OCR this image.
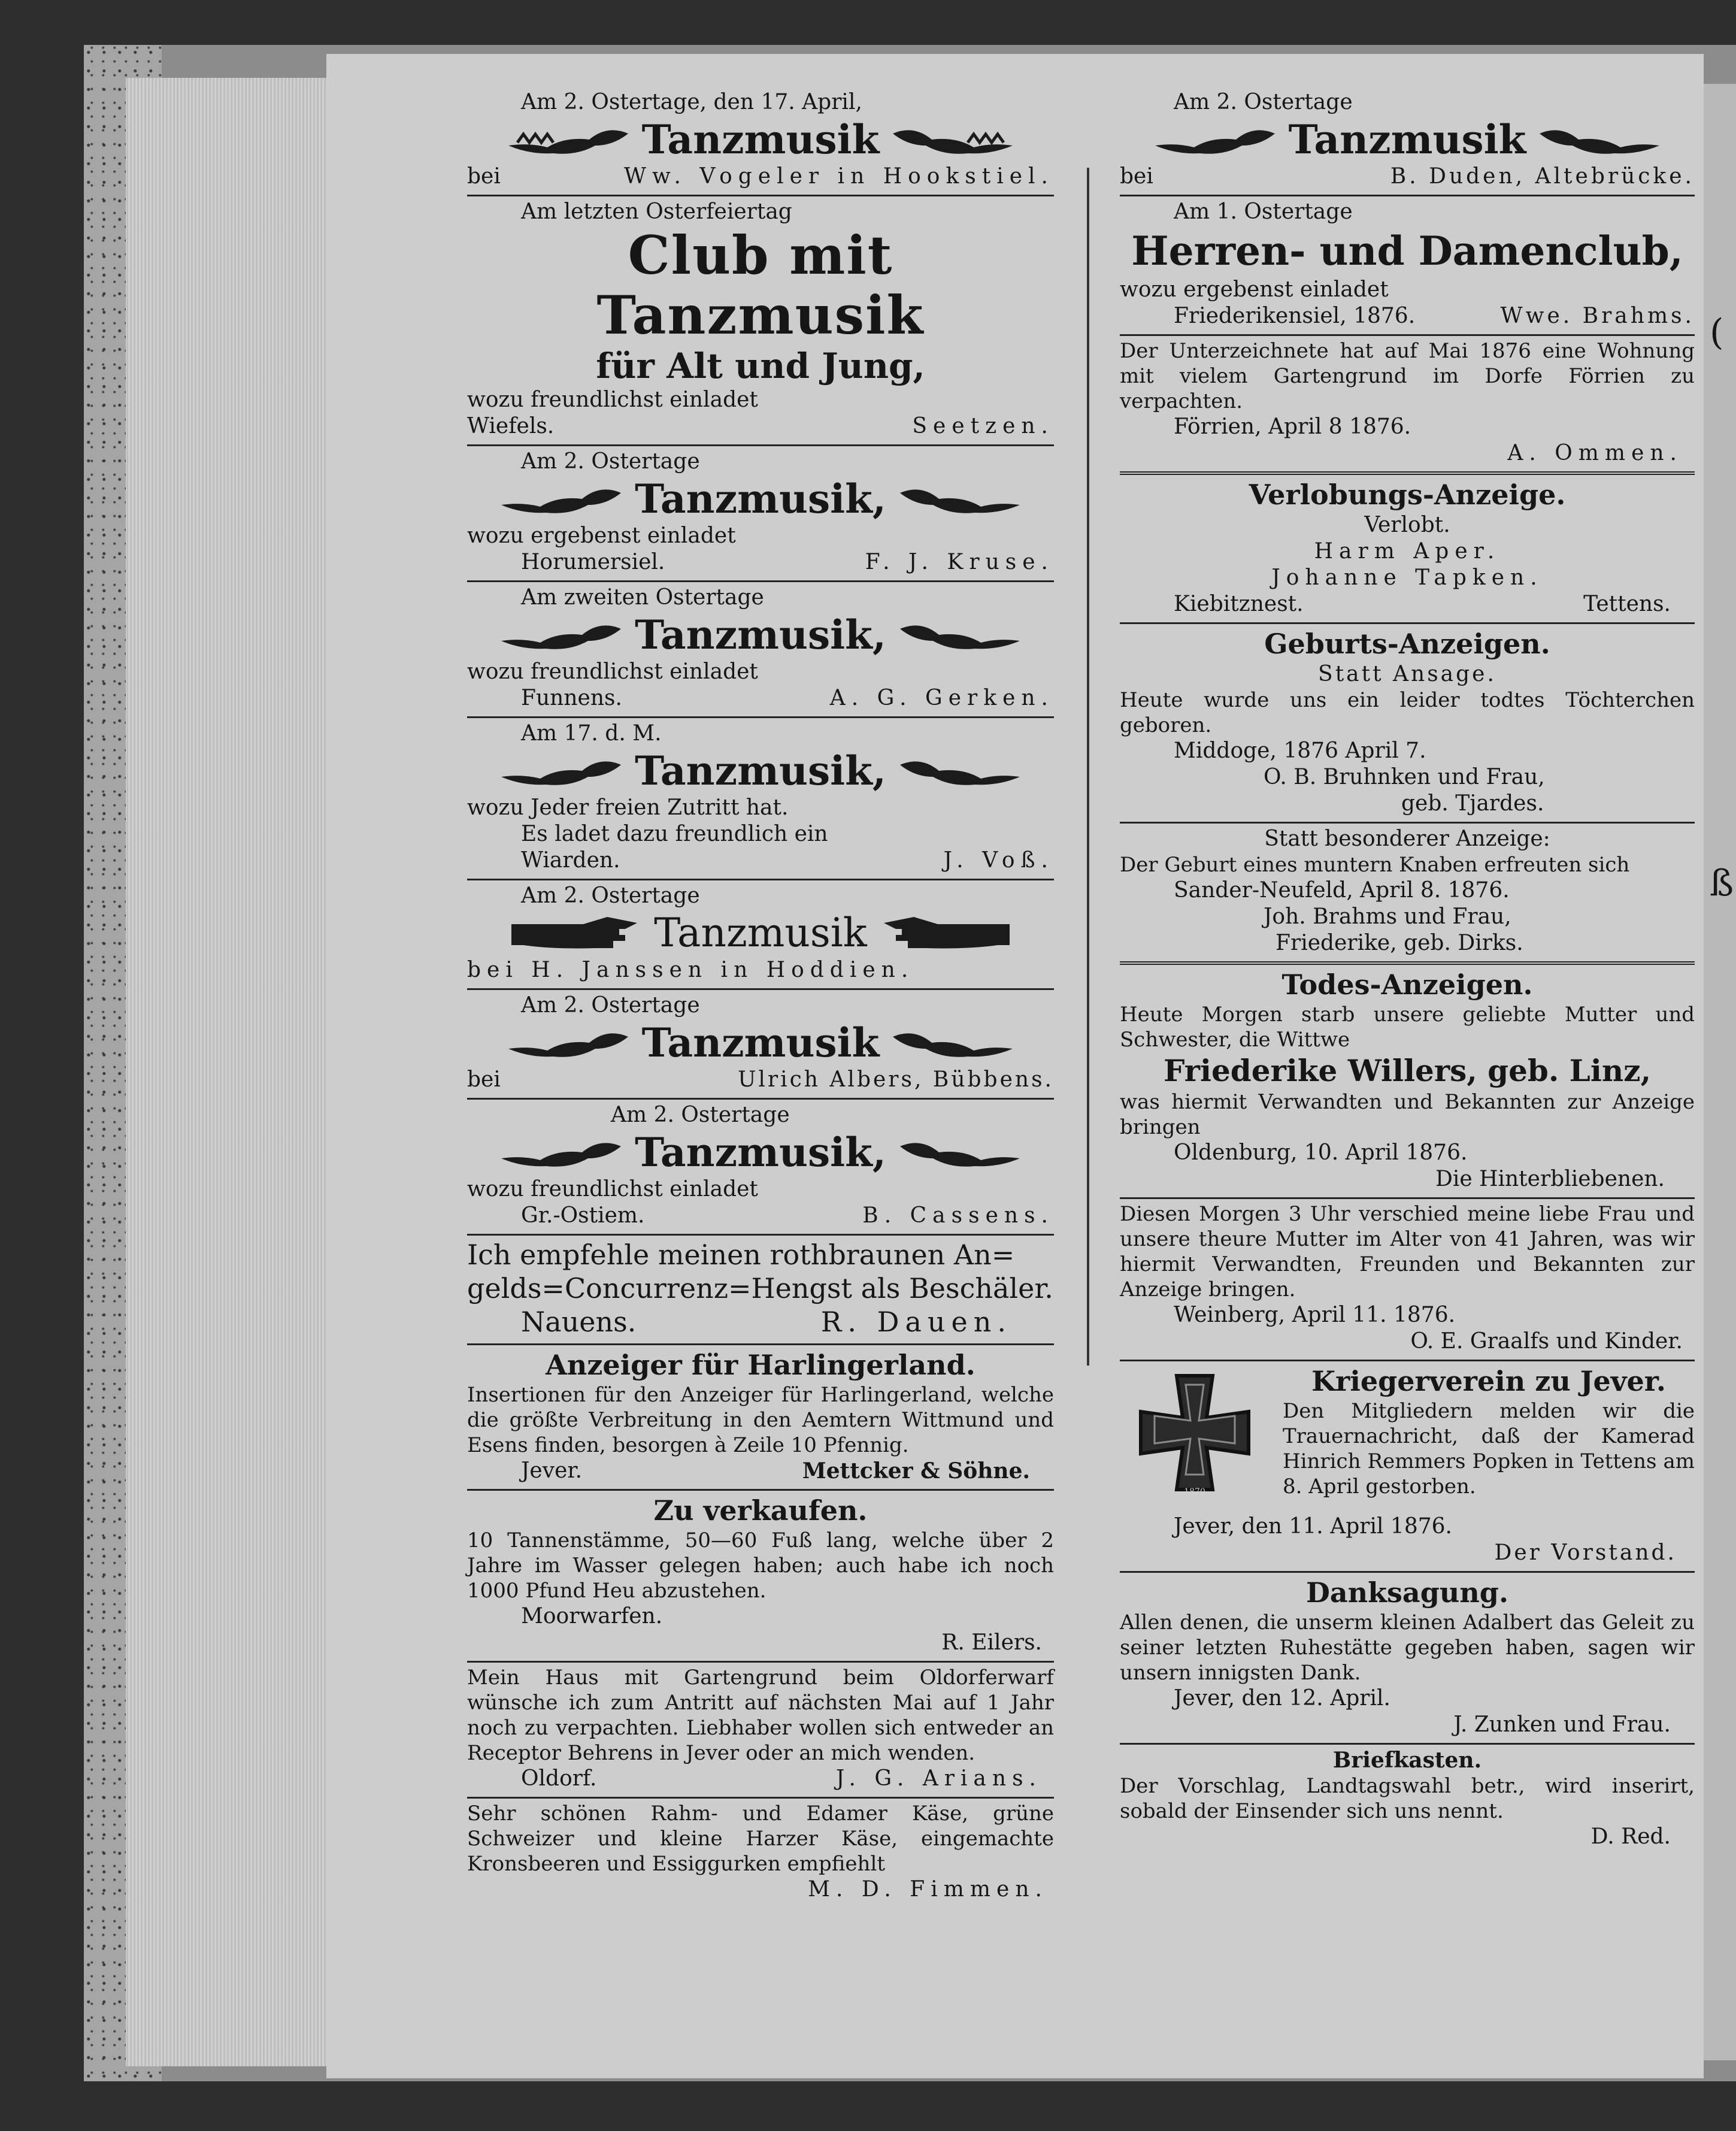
(
ß
Am 2. Ostertage, den 17. April,
Tanzmusik
bei	Ww. Vogeler in Hookstiel.
Am letzten Osterfeiertag
Club mit Tanzmusik
für Alt und Jung,
wozu freundlichst einladet
Wiefels.	Seetzen.
Am 2. Ostertage
Tanzmusik,
wozu ergebenst einladet
Horumersiel.	F. J. Kruse.
Am zweiten Ostertage
Tanzmusik,
wozu freundlichst einladet
Funnens.	A. G. Gerken.
Am 17. d. M.
Tanzmusik,
wozu Jeder freien Zutritt hat.
Es ladet dazu freundlich ein
Wiarden.	J. Voß.
Am 2. Ostertage
Tanzmusik
bei H. Janssen in Hoddien.
Am 2. Ostertage
Tanzmusik
bei	Ulrich Albers, Bübbens.
Am 2. Ostertage
Tanzmusik,
wozu freundlichst einladet
Gr.-Ostiem.	B. Cassens.
Ich empfehle meinen rothbraunen An=
gelds=Concurrenz=Hengst als Beschäler.
Nauens.	R. Dauen.
Anzeiger für Harlingerland.
Insertionen für den Anzeiger für Harlingerland, welche die größte Verbreitung in den Aemtern Wittmund und Esens finden, besorgen à Zeile 10 Pfennig.
Jever.	Mettcker & Söhne.
Zu verkaufen.
10 Tannenstämme, 50—60 Fuß lang, welche über 2 Jahre im Wasser gelegen haben; auch habe ich noch 1000 Pfund Heu abzustehen.
Moorwarfen.
R. Eilers.
Mein Haus mit Gartengrund beim Oldorferwarf wünsche ich zum Antritt auf nächsten Mai auf 1 Jahr noch zu verpachten. Liebhaber wollen sich entweder an Receptor Behrens in Jever oder an mich wenden.
Oldorf.	J. G. Arians.
Sehr schönen Rahm- und Edamer Käse, grüne Schweizer und kleine Harzer Käse, eingemachte Kronsbeeren und Essiggurken empfiehlt
M. D. Fimmen.
Am 2. Ostertage
Tanzmusik
bei	B. Duden, Altebrücke.
Am 1. Ostertage
Herren- und Damenclub,
wozu ergebenst einladet
Friederikensiel, 1876.	Wwe. Brahms.
Der Unterzeichnete hat auf Mai 1876 eine Wohnung mit vielem Gartengrund im Dorfe Förrien zu verpachten.
Förrien, April 8 1876.
A. Ommen.
Verlobungs-Anzeige.
Verlobt.
Harm Aper.
Johanne Tapken.
Kiebitznest.	Tettens.
Geburts-Anzeigen.
Statt Ansage.
Heute wurde uns ein leider todtes Töchterchen geboren.
Middoge, 1876 April 7.
O. B. Bruhnken und Frau,
geb. Tjardes.
Statt besonderer Anzeige:
Der Geburt eines muntern Knaben erfreuten sich
Sander-Neufeld, April 8. 1876.
Joh. Brahms und Frau,
Friederike, geb. Dirks.
Todes-Anzeigen.
Heute Morgen starb unsere geliebte Mutter und Schwester, die Wittwe
Friederike Willers, geb. Linz,
was hiermit Verwandten und Bekannten zur Anzeige bringen
Oldenburg, 10. April 1876.
Die Hinterbliebenen.
Diesen Morgen 3 Uhr verschied meine liebe Frau und unsere theure Mutter im Alter von 41 Jahren, was wir hiermit Verwandten, Freunden und Bekannten zur Anzeige bringen.
Weinberg, April 11. 1876.
O. E. Graalfs und Kinder.
1870
Kriegerverein zu Jever.
Den Mitgliedern melden wir die Trauernachricht, daß der Kamerad Hinrich Remmers Popken in Tettens am 8. April gestorben.
Jever, den 11. April 1876.
Der Vorstand.
Danksagung.
Allen denen, die unserm kleinen Adalbert das Geleit zu seiner letzten Ruhestätte gegeben haben, sagen wir unsern innigsten Dank.
Jever, den 12. April.
J. Zunken und Frau.
Briefkasten.
Der Vorschlag, Landtagswahl betr., wird inserirt, sobald der Einsender sich uns nennt.
D. Red.
